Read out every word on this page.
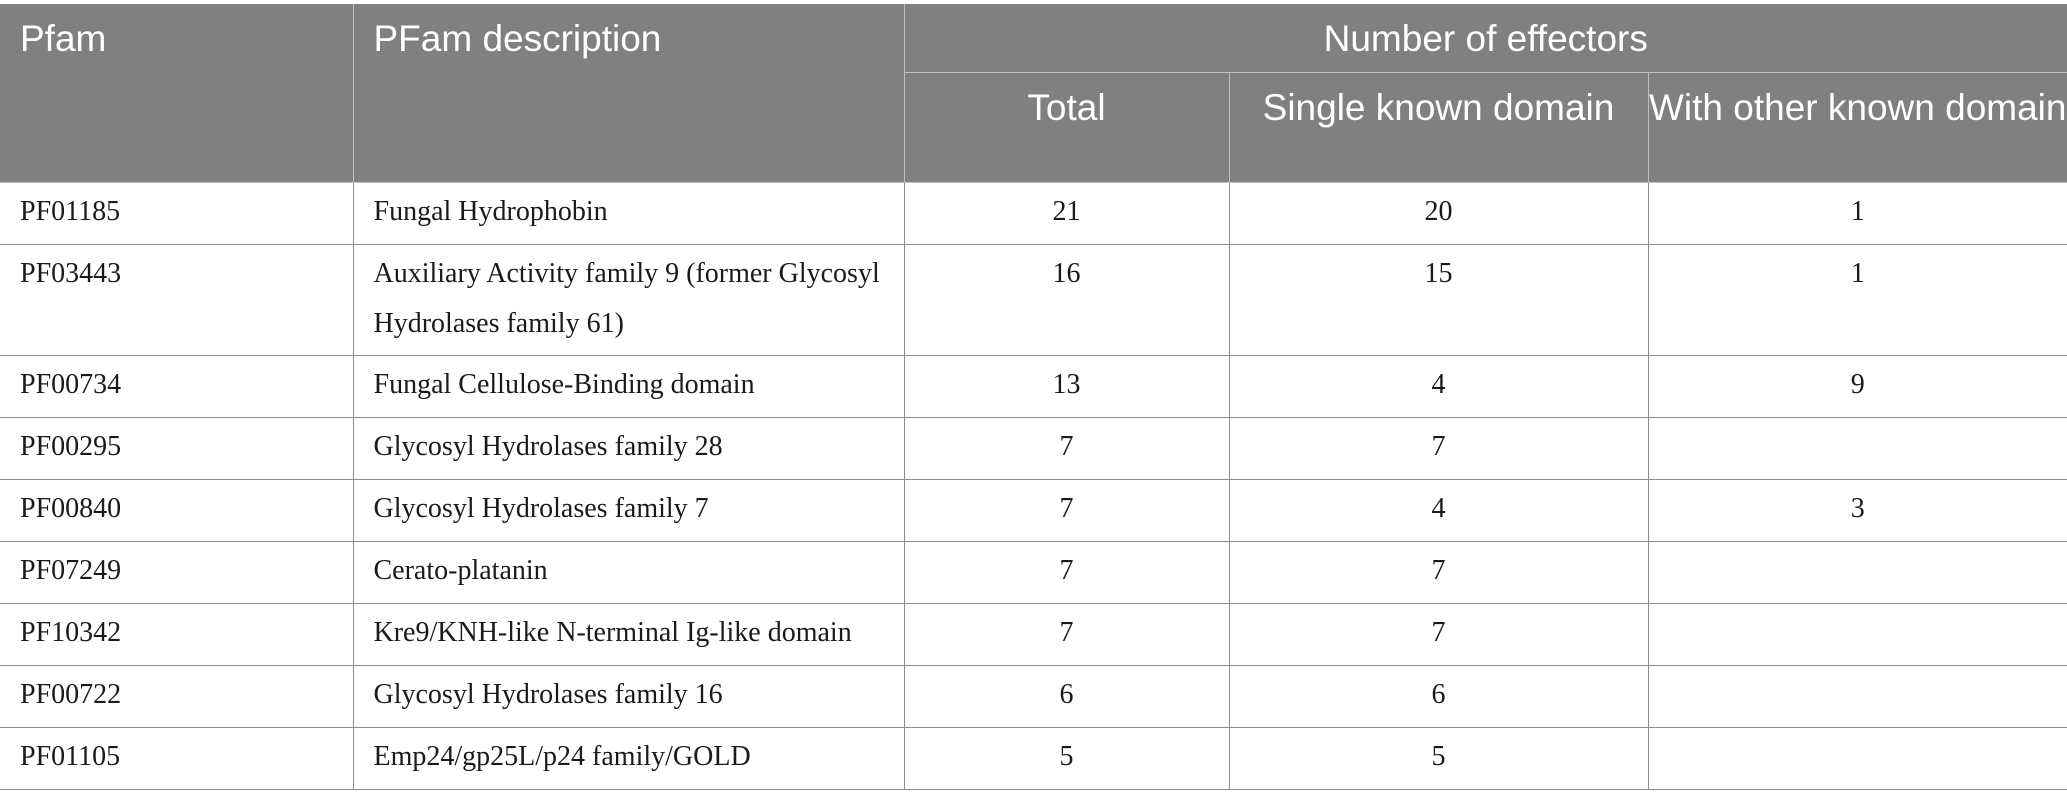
Pfam	PFam description	Number of effectors		
		Total	Single known domain	With other known domain
PF01185	Fungal Hydrophobin	21	20	1
PF03443	Auxiliary Activity family 9 (former Glycosyl Hydrolases family 61)	16	15	1
PF00734	Fungal Cellulose-Binding domain	13	4	9
PF00295	Glycosyl Hydrolases family 28	7	7	
PF00840	Glycosyl Hydrolases family 7	7	4	3
PF07249	Cerato-platanin	7	7	
PF10342	Kre9/KNH-like N-terminal Ig-like domain	7	7	
PF00722	Glycosyl Hydrolases family 16	6	6	
PF01105	Emp24/gp25L/p24 family/GOLD	5	5	
